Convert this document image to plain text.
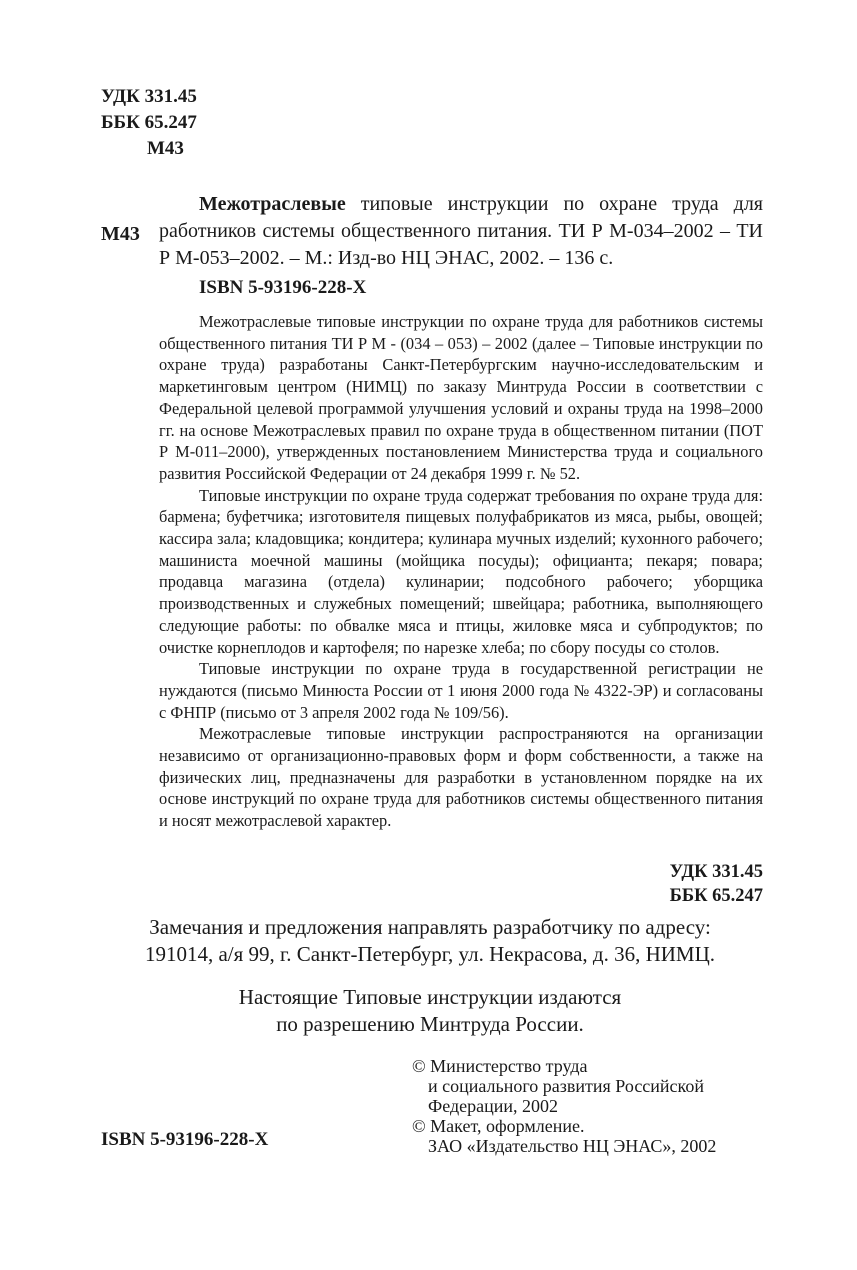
УДК 331.45
ББК 65.247
М43
М43
Межотраслевые типовые инструкции по охране труда для работников системы общественного питания. ТИ Р М-034–2002 – ТИ Р М-053–2002. – М.: Изд-во НЦ ЭНАС, 2002. – 136 с.
ISBN 5-93196-228-X

Межотраслевые типовые инструкции по охране труда для работников системы общественного питания ТИ Р М - (034 – 053) – 2002 (далее – Типовые инструкции по охране труда) разработаны Санкт-Петербургским научно-исследовательским и маркетинговым центром (НИМЦ) по заказу Минтруда России в соответствии с Федеральной целевой программой улучшения условий и охраны труда на 1998–2000 гг. на основе Межотраслевых правил по охране труда в общественном питании (ПОТ Р М-011–2000), утвержденных постановлением Министерства труда и социального развития Российской Федерации от 24 декабря 1999 г. № 52.

Типовые инструкции по охране труда содержат требования по охране труда для: бармена; буфетчика; изготовителя пищевых полуфабрикатов из мяса, рыбы, овощей; кассира зала; кладовщика; кондитера; кулинара мучных изделий; кухонного рабочего; машиниста моечной машины (мойщика посуды); официанта; пекаря; повара; продавца магазина (отдела) кулинарии; подсобного рабочего; уборщика производственных и служебных помещений; швейцара; работника, выполняющего следующие работы: по обвалке мяса и птицы, жиловке мяса и субпродуктов; по очистке корнеплодов и картофеля; по нарезке хлеба; по сбору посуды со столов.

Типовые инструкции по охране труда в государственной регистрации не нуждаются (письмо Минюста России от 1 июня 2000 года № 4322-ЭР) и согласованы с ФНПР (письмо от 3 апреля 2002 года № 109/56).

Межотраслевые типовые инструкции распространяются на организации независимо от организационно-правовых форм и форм собственности, а также на физических лиц, предназначены для разработки в установленном порядке на их основе инструкций по охране труда для работников системы общественного питания и носят межотраслевой характер.

УДК 331.45
ББК 65.247
Замечания и предложения направлять разработчику по адресу:
191014, а/я 99, г. Санкт-Петербург, ул. Некрасова, д. 36, НИМЦ.
Настоящие Типовые инструкции издаются
по разрешению Минтруда России.
© Министерство труда
и социального развития Российской
Федерации, 2002
© Макет, оформление.
ЗАО «Издательство НЦ ЭНАС», 2002
ISBN 5-93196-228-X
